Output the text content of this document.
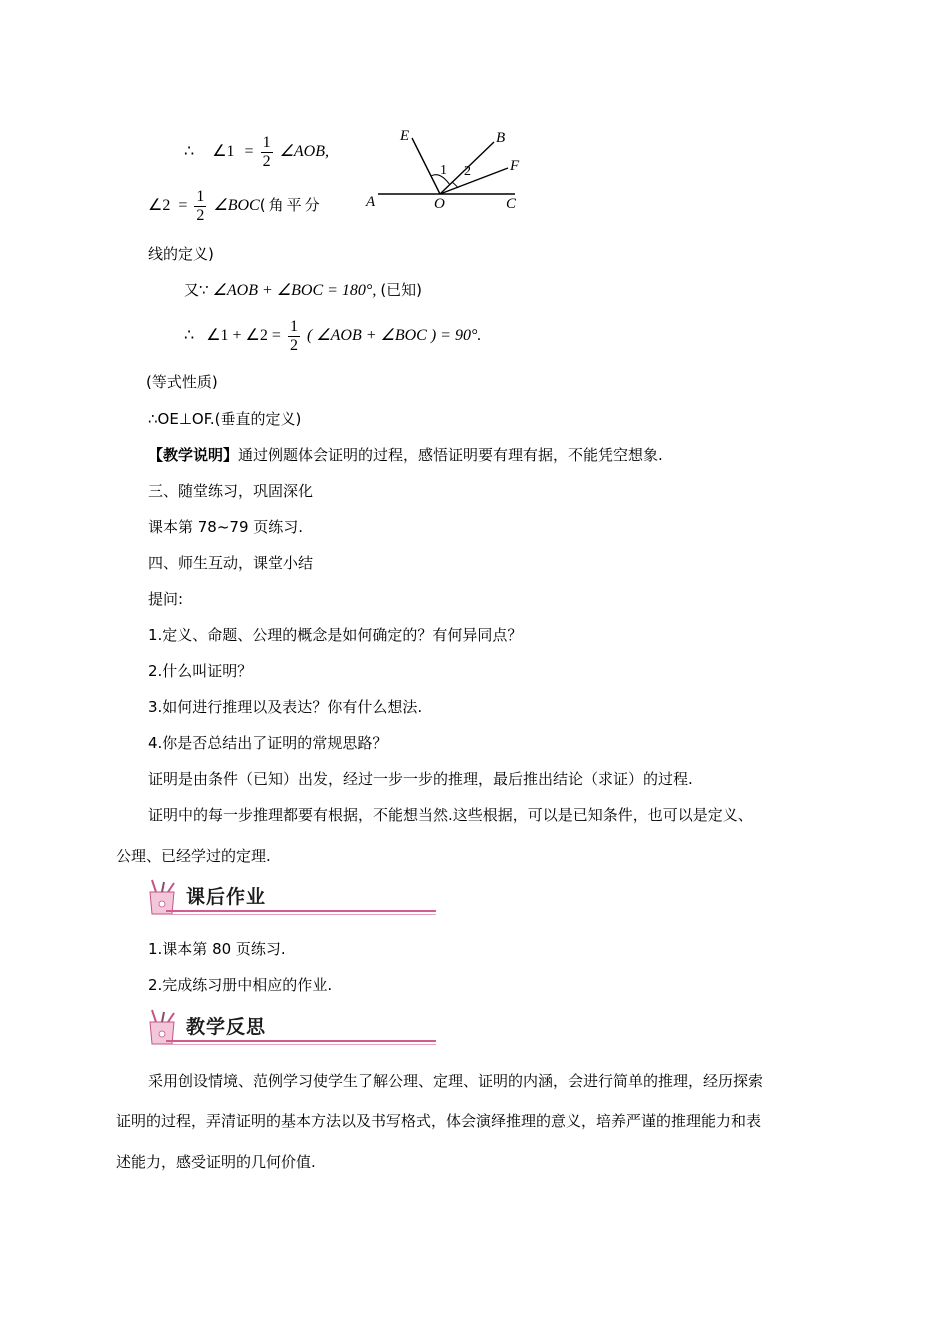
∴ ∠1 = $\frac{1}{2}$ ∠AOB,
∠2 = $\frac{1}{2}$ ∠BOC(角平分
线的定义)
E	B
F
A	O	C
1 2
又∵ ∠AOB + ∠BOC = 180°, (已知)
∴ ∠1 + ∠2 = $\frac{1}{2}$ ( ∠AOB + ∠BOC ) = 90°.
(等式性质)
∴OE⊥OF.(垂直的定义)
【教学说明】通过例题体会证明的过程，感悟证明要有理有据，不能凭空想象.
三、随堂练习，巩固深化
课本第 78~79 页练习.
四、师生互动，课堂小结
提问:
1.定义、命题、公理的概念是如何确定的？有何异同点？
2.什么叫证明？
3.如何进行推理以及表达？你有什么想法.
4.你是否总结出了证明的常规思路？
证明是由条件（已知）出发，经过一步一步的推理，最后推出结论（求证）的过程.
证明中的每一步推理都要有根据，不能想当然.这些根据，可以是已知条件，也可以是定义、
公理、已经学过的定理.
课后作业
1.课本第 80 页练习.
2.完成练习册中相应的作业.
教学反思
采用创设情境、范例学习使学生了解公理、定理、证明的内涵，会进行简单的推理，经历探索
证明的过程，弄清证明的基本方法以及书写格式，体会演绎推理的意义，培养严谨的推理能力和表
述能力，感受证明的几何价值.
